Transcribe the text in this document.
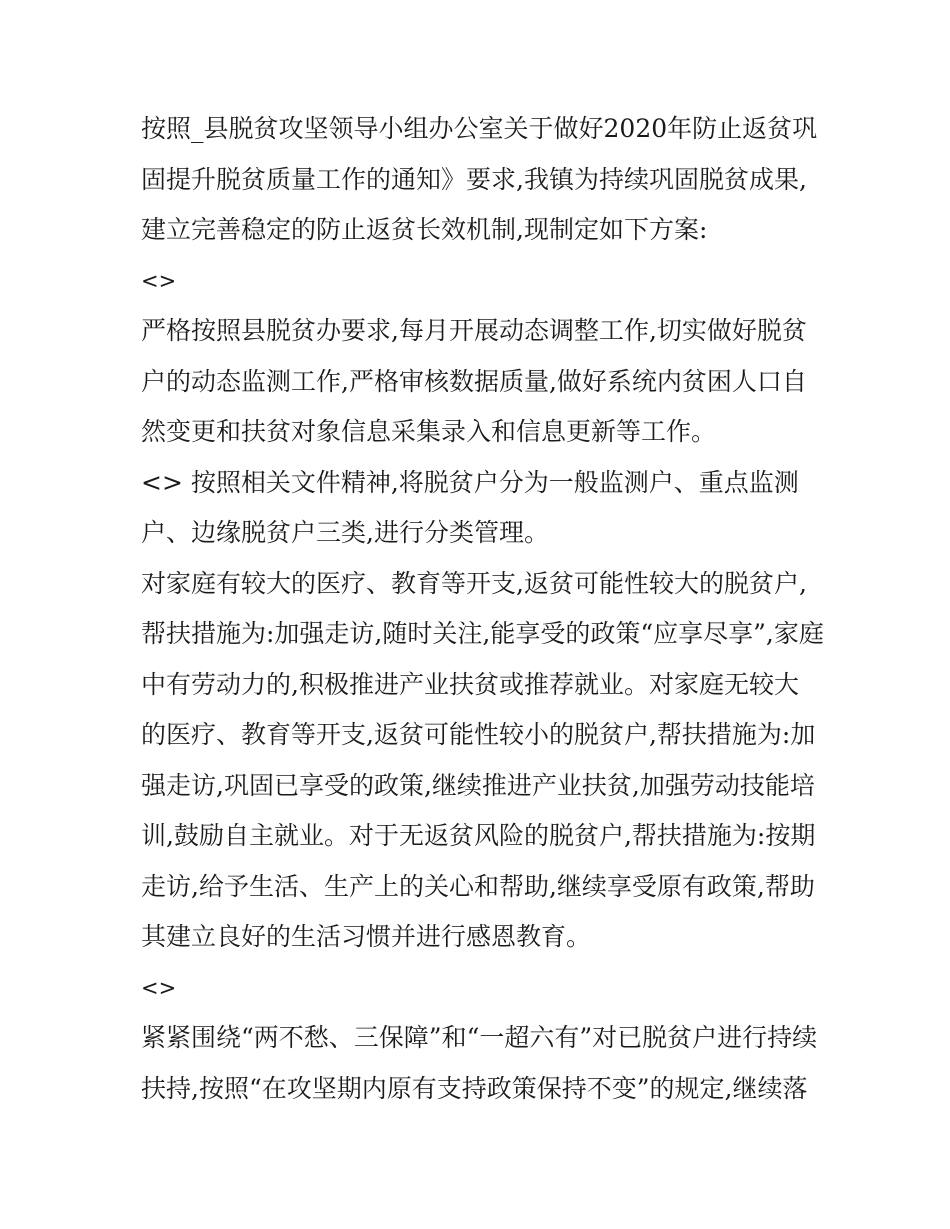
按照_县脱贫攻坚领导小组办公室关于做好2020年防止返贫巩
固提升脱贫质量工作的通知》要求,我镇为持续巩固脱贫成果,
建立完善稳定的防止返贫长效机制,现制定如下方案:
<>
严格按照县脱贫办要求,每月开展动态调整工作,切实做好脱贫
户的动态监测工作,严格审核数据质量,做好系统内贫困人口自
然变更和扶贫对象信息采集录入和信息更新等工作。
<> 按照相关文件精神,将脱贫户分为一般监测户、重点监测
户、边缘脱贫户三类,进行分类管理。
对家庭有较大的医疗、教育等开支,返贫可能性较大的脱贫户,
帮扶措施为:加强走访,随时关注,能享受的政策“应享尽享”,家庭
中有劳动力的,积极推进产业扶贫或推荐就业。对家庭无较大
的医疗、教育等开支,返贫可能性较小的脱贫户,帮扶措施为:加
强走访,巩固已享受的政策,继续推进产业扶贫,加强劳动技能培
训,鼓励自主就业。对于无返贫风险的脱贫户,帮扶措施为:按期
走访,给予生活、生产上的关心和帮助,继续享受原有政策,帮助
其建立良好的生活习惯并进行感恩教育。
<>
紧紧围绕“两不愁、三保障”和“一超六有”对已脱贫户进行持续
扶持,按照“在攻坚期内原有支持政策保持不变”的规定,继续落
